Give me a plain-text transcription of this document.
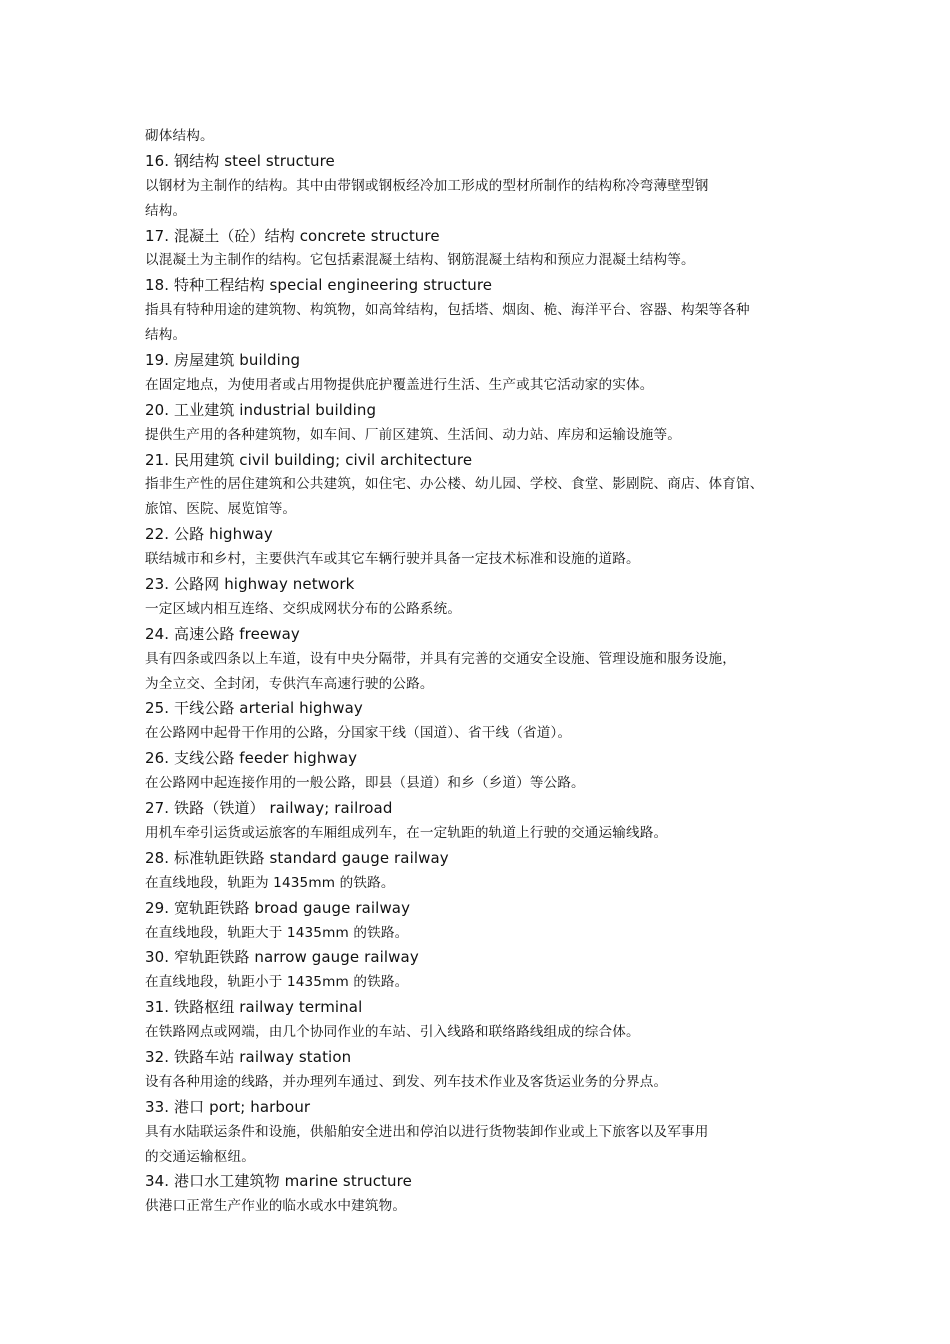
砌体结构。
16. 钢结构 steel structure
以钢材为主制作的结构。其中由带钢或钢板经冷加工形成的型材所制作的结构称冷弯薄壁型钢
结构。
17. 混凝土（砼）结构 concrete structure
以混凝土为主制作的结构。它包括素混凝土结构、钢筋混凝土结构和预应力混凝土结构等。
18. 特种工程结构 special engineering structure
指具有特种用途的建筑物、构筑物，如高耸结构，包括塔、烟囱、桅、海洋平台、容器、构架等各种
结构。
19. 房屋建筑 building
在固定地点，为使用者或占用物提供庇护覆盖进行生活、生产或其它活动家的实体。
20. 工业建筑 industrial building
提供生产用的各种建筑物，如车间、厂前区建筑、生活间、动力站、库房和运输设施等。
21. 民用建筑 civil building; civil architecture
指非生产性的居住建筑和公共建筑，如住宅、办公楼、幼儿园、学校、食堂、影剧院、商店、体育馆、
旅馆、医院、展览馆等。
22. 公路 highway
联结城市和乡村，主要供汽车或其它车辆行驶并具备一定技术标准和设施的道路。
23. 公路网 highway network
一定区域内相互连络、交织成网状分布的公路系统。
24. 高速公路 freeway
具有四条或四条以上车道，设有中央分隔带，并具有完善的交通安全设施、管理设施和服务设施，
为全立交、全封闭，专供汽车高速行驶的公路。
25. 干线公路 arterial highway
在公路网中起骨干作用的公路，分国家干线（国道）、省干线（省道）。
26. 支线公路 feeder highway
在公路网中起连接作用的一般公路，即县（县道）和乡（乡道）等公路。
27. 铁路（铁道） railway; railroad
用机车牵引运货或运旅客的车厢组成列车，在一定轨距的轨道上行驶的交通运输线路。
28. 标准轨距铁路 standard gauge railway
在直线地段，轨距为 1435mm 的铁路。
29. 宽轨距铁路 broad gauge railway
在直线地段，轨距大于 1435mm 的铁路。
30. 窄轨距铁路 narrow gauge railway
在直线地段，轨距小于 1435mm 的铁路。
31. 铁路枢纽 railway terminal
在铁路网点或网端，由几个协同作业的车站、引入线路和联络路线组成的综合体。
32. 铁路车站 railway station
设有各种用途的线路，并办理列车通过、到发、列车技术作业及客货运业务的分界点。
33. 港口 port; harbour
具有水陆联运条件和设施，供船舶安全进出和停泊以进行货物装卸作业或上下旅客以及军事用
的交通运输枢纽。
34. 港口水工建筑物 marine structure
供港口正常生产作业的临水或水中建筑物。
